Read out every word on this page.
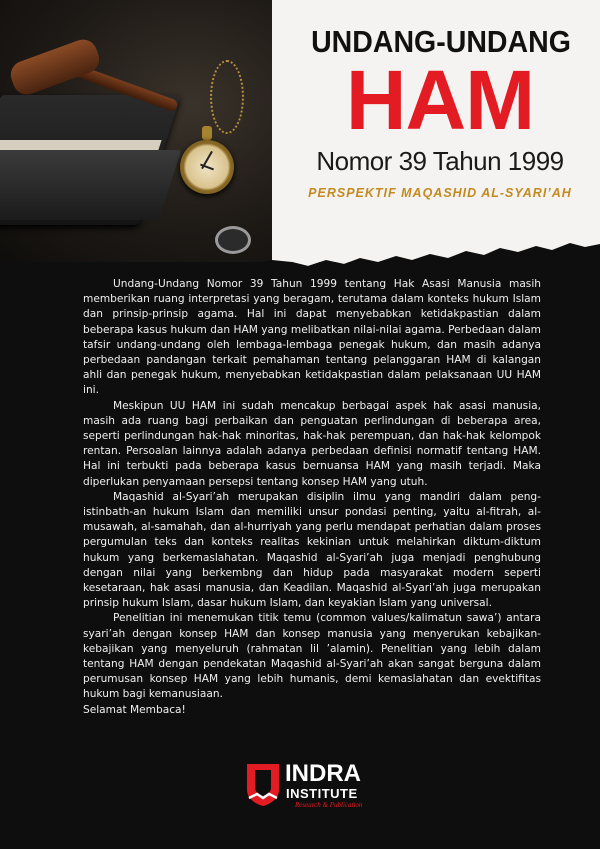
UNDANG-UNDANG
HAM
Nomor 39 Tahun 1999
PERSPEKTIF MAQASHID AL-SYARI’AH

Undang-Undang Nomor 39 Tahun 1999 tentang Hak Asasi Manusia masih memberikan ruang interpretasi yang beragam, terutama dalam konteks hukum Islam dan prinsip-prinsip agama. Hal ini dapat menyebabkan ketidakpastian dalam beberapa kasus hukum dan HAM yang melibatkan nilai-nilai agama. Perbedaan dalam tafsir undang-undang oleh lembaga-lembaga penegak hukum, dan masih adanya perbedaan pandangan terkait pemahaman tentang pelanggaran HAM di kalangan ahli dan penegak hukum, menyebabkan ketidakpastian dalam pelaksanaan UU HAM ini.

Meskipun UU HAM ini sudah mencakup berbagai aspek hak asasi manusia, masih ada ruang bagi perbaikan dan penguatan perlindungan di beberapa area, seperti perlindungan hak-hak minoritas, hak-hak perempuan, dan hak-hak kelompok rentan. Persoalan lainnya adalah adanya perbedaan definisi normatif tentang HAM. Hal ini terbukti pada beberapa kasus bernuansa HAM yang masih terjadi. Maka diperlukan penyamaan persepsi tentang konsep HAM yang utuh.

Maqashid al-Syari’ah merupakan disiplin ilmu yang mandiri dalam peng-istinbath-an hukum Islam dan memiliki unsur pondasi penting, yaitu al-fitrah, al-musawah, al-samahah, dan al-hurriyah yang perlu mendapat perhatian dalam proses pergumulan teks dan konteks realitas kekinian untuk melahirkan diktum-diktum hukum yang berkemaslahatan. Maqashid al-Syari’ah juga menjadi penghubung dengan nilai yang berkembng dan hidup pada masyarakat modern seperti kesetaraan, hak asasi manusia, dan Keadilan. Maqashid al-Syari’ah juga merupakan prinsip hukum Islam, dasar hukum Islam, dan keyakian Islam yang universal.

Penelitian ini menemukan titik temu (common values/kalimatun sawa’) antara syari’ah dengan konsep HAM dan konsep manusia yang menyerukan kebajikan-kebajikan yang menyeluruh (rahmatan lil ’alamin). Penelitian yang lebih dalam tentang HAM dengan pendekatan Maqashid al-Syari’ah akan sangat berguna dalam perumusan konsep HAM yang lebih humanis, demi kemaslahatan dan evektifitas hukum bagi kemanusiaan.

Selamat Membaca!

INDRA
INSTITUTE
Research & Publication
